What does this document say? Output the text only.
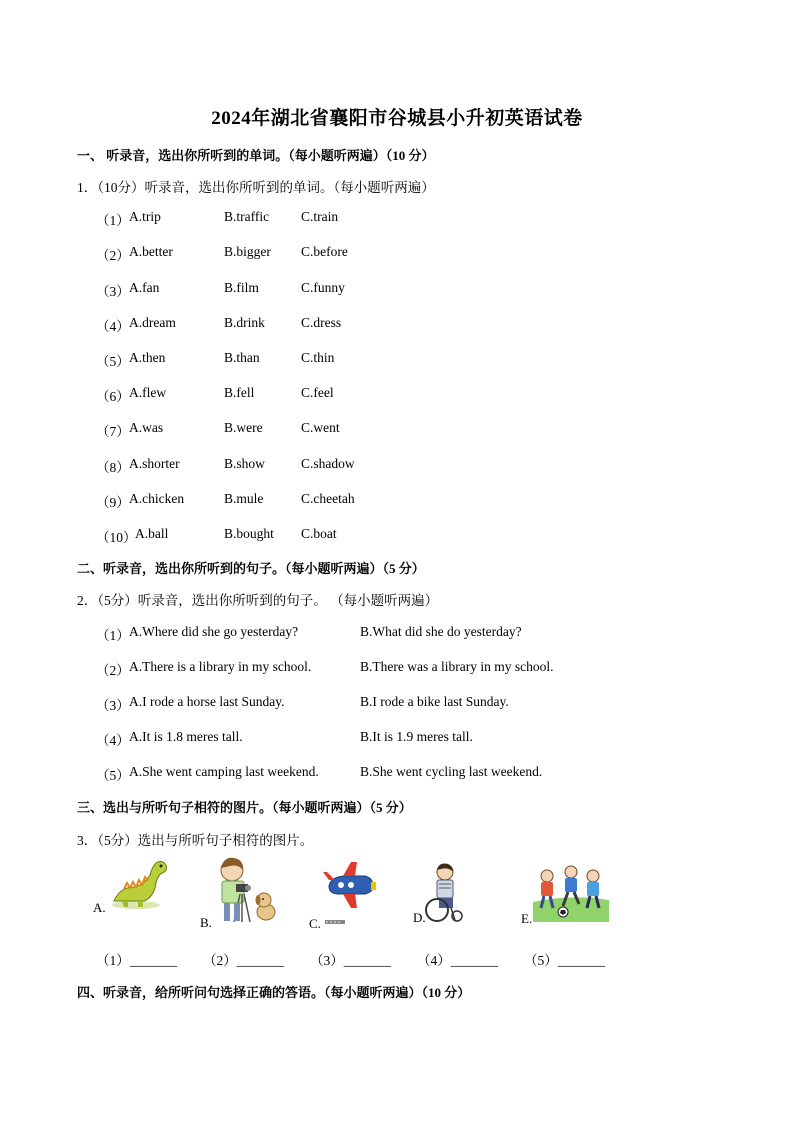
2024年湖北省襄阳市谷城县小升初英语试卷
一、 听录音，选出你所听到的单词。（每小题听两遍）（10 分）
1．（10分）听录音，选出你所听到的单词。（每小题听两遍）
（1） A.trip	B.traffic C.train
（2） A.better	B.bigger C.before
（3） A.fan	B.film	C.funny
（4） A.dream	B.drink	C.dress
（5） A.then	B.than	C.thin
（6） A.flew	B.fell	C.feel
（7） A.was	B.were	C.went
（8） A.shorter	B.show	C.shadow
（9） A.chicken	B.mule	C.cheetah
（10）
A.ball	B.bought C.boat
二、听录音，选出你所听到的句子。（每小题听两遍）（5 分）
2．（5分）听录音，选出你所听到的句子。 （每小题听两遍）
（1） A.Where did she go yesterday?	B.What did she do yesterday?
（2） A.There is a library in my school.	B.There was a library in my school.
（3） A.I rode a horse last Sunday.	B.I rode a bike last Sunday.
（4） A.It is 1.8 meres tall.	B.It is 1.9 meres tall.
（5） A.She went camping last weekend.	B.She went cycling last weekend.
三、选出与所听句子相符的图片。（每小题听两遍）（5 分）
3．（5分）选出与所听句子相符的图片。
A.
B.	C.	D.	E.
（1）_______ （2）_______ （3）_______ （4）_______ （5）_______
四、听录音，给所听问句选择正确的答语。（每小题听两遍）（10 分）
